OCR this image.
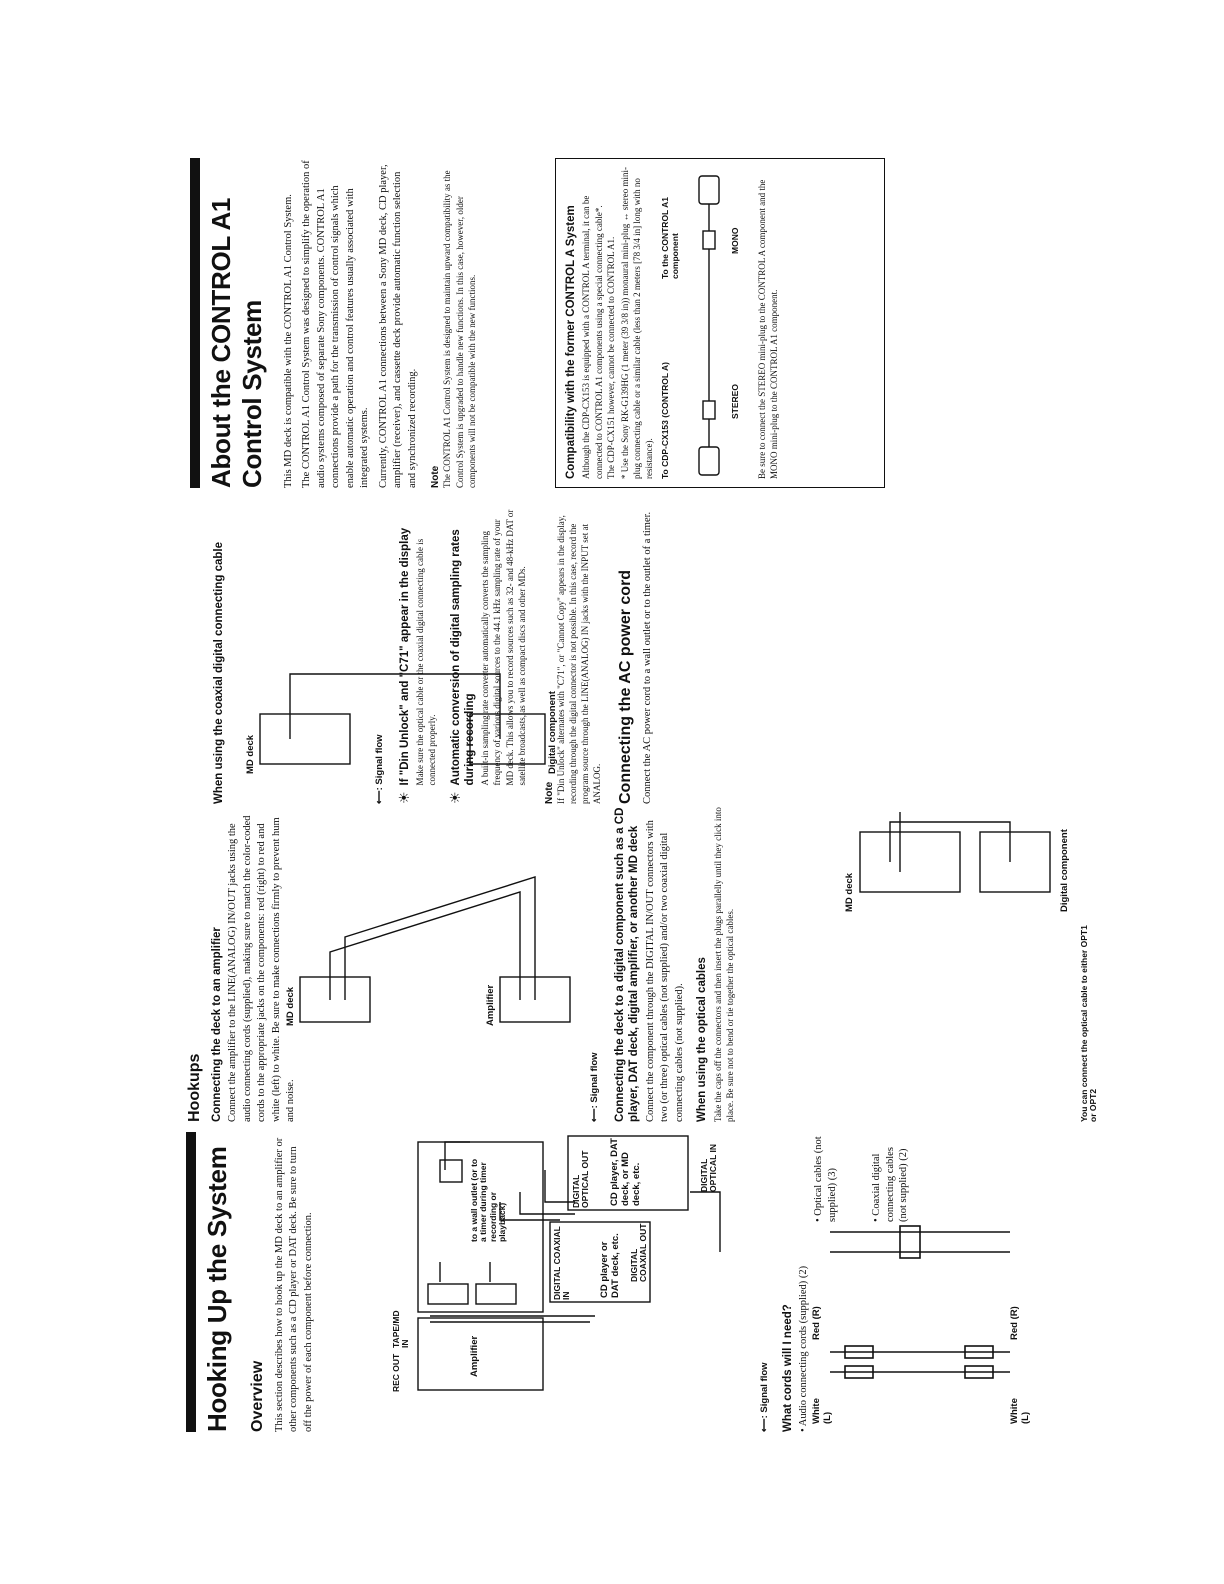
Hooking Up the System	Overview This section describes how to hook up the MD deck to an amplifier or other components such as a CD player or DAT deck. Be sure to turn off the power of each component before connection.	REC OUT
TAPE/MD IN	Amplifier
DIGITAL COAXIAL IN	CD player or DAT deck, etc. DIGITAL COAXIAL OUT
DIGITAL OPTICAL OUT CD player, DAT deck, or MD deck, etc.	DIGITAL OPTICAL IN
to a wall outlet (or to a timer during timer recording or playback)
⟵: Signal flow What cords will I need? • Audio connecting cords (supplied) (2) White (L)
Red (R)
White (L)
Red (R)

• Optical cables (not supplied) (3)	• Coaxial digital connecting cables (not supplied) (2)

Hookups Connecting the deck to an amplifier Connect the amplifier to the LINE(ANALOG) IN/OUT jacks using the audio connecting cords (supplied), making sure to match the color-coded cords to the appropriate jacks on the components: red (right) to red and white (left) to white. Be sure to make connections firmly to prevent hum and noise.

MD deck	Amplifier
⟵: Signal flow Connecting the deck to a digital component such as a CD player, DAT deck, digital amplifier, or another MD deck Connect the component through the DIGITAL IN/OUT connectors with two (or three) optical cables (not supplied) and/or two coaxial digital connecting cables (not supplied). When using the optical cables Take the caps off the connectors and then insert the plugs parallelly until they click into place. Be sure not to bend or tie together the optical cables.

MD deck	Digital component
You can connect the optical cable to either OPT1 or OPT2
When using the coaxial digital connecting cable MD deck	Digital component
⟵: Signal flow
☀
If "Din Unlock" and "C71" appear in the display Make sure the optical cable or the coaxial digital connecting cable is connected properly.

☀
Automatic conversion of digital sampling rates during recording A built-in sampling rate converter automatically converts the sampling frequency of various digital sources to the 44.1 kHz sampling rate of your MD deck. This allows you to record sources such as 32- and 48-kHz DAT or satellite broadcasts, as well as compact discs and other MDs.

Note If "Din Unlock" alternates with "C71", or "Cannot Copy" appears in the display, recording through the digital connector is not possible. In this case, record the program source through the LINE(ANALOG) IN jacks with the INPUT set at ANALOG. Connecting the AC power cord Connect the AC power cord to a wall outlet or to the outlet of a timer.

About the CONTROL A1 Control System	This MD deck is compatible with the CONTROL A1 Control System. The CONTROL A1 Control System was designed to simplify the operation of audio systems composed of separate Sony components. CONTROL A1 connections provide a path for the transmission of control signals which enable automatic operation and control features usually associated with integrated systems. Currently, CONTROL A1 connections between a Sony MD deck, CD player, amplifier (receiver), and cassette deck provide automatic function selection and synchronized recording. Note The CONTROL A1 Control System is designed to maintain upward compatibility as the Control System is upgraded to handle new functions. In this case, however, older components will not be compatible with the new functions.	Compatibility with the former CONTROL A System Although the CDP-CX153 is equipped with a CONTROL A terminal, it can be connected to CONTROL A1 components using a special connecting cable*. The CDP-CX151 however, cannot be connected to CONTROL A1. * Use the Sony RK-G139HG (1 meter (39 3/8 in)) monaural mini-plug ↔ stereo mini-plug connecting cable or a similar cable (less than 2 meters [78 3/4 in] long with no resistance). To CDP-CX153 (CONTROL A)
To the CONTROL A1 component
STEREO
MONO Be sure to connect the STEREO mini-plug to the CONTROL A component and the MONO mini-plug to the CONTROL A1 component.
